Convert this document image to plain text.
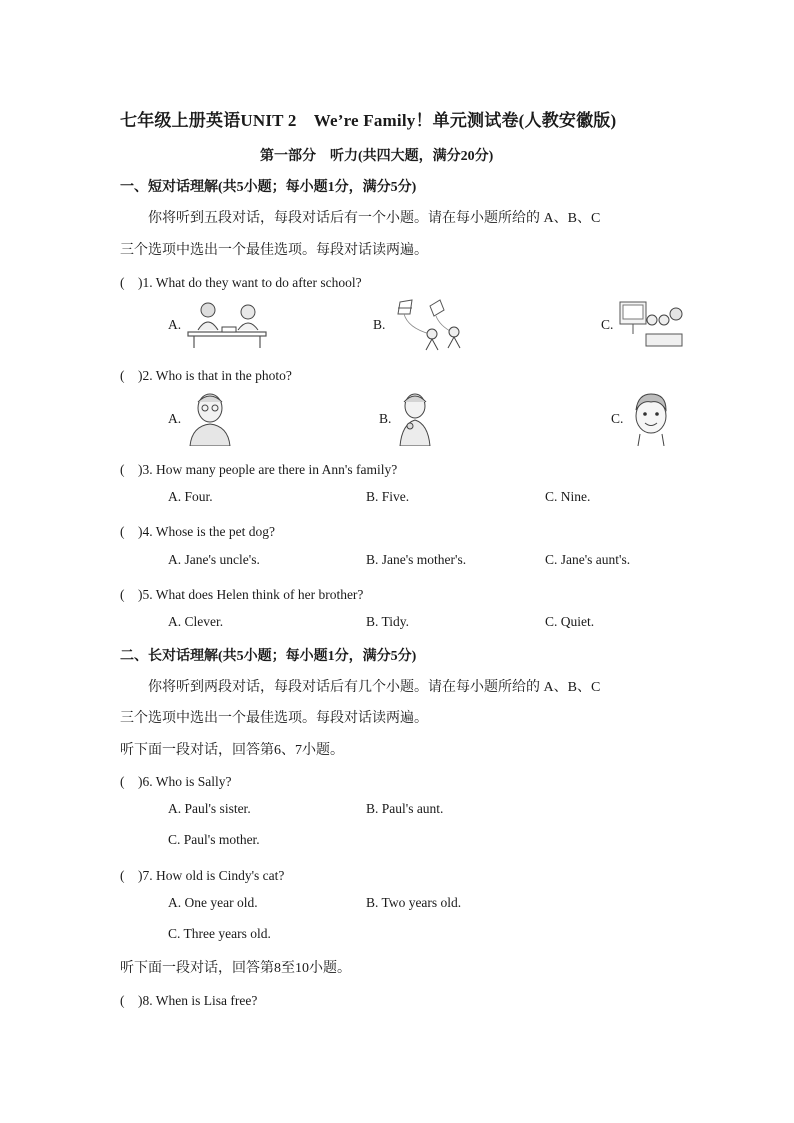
七年级上册英语UNIT 2　We’re Family！单元测试卷(人教安徽版)
第一部分　听力(共四大题，满分20分)
一、短对话理解(共5小题；每小题1分，满分5分)
你将听到五段对话，每段对话后有一个小题。请在每小题所给的 A、B、C
三个选项中选出一个最佳选项。每段对话读两遍。
(　)1. What do they want to do after school?
A.	B.	C.
(　)2. Who is that in the photo?
A.	B.	C.
(　)3. How many people are there in Ann's family?
A. Four.	B. Five.	C. Nine.
(　)4. Whose is the pet dog?
A. Jane's uncle's.	B. Jane's mother's.	C. Jane's aunt's.
(　)5. What does Helen think of her brother?
A. Clever.	B. Tidy.	C. Quiet.
二、长对话理解(共5小题；每小题1分，满分5分)
你将听到两段对话，每段对话后有几个小题。请在每小题所给的 A、B、C
三个选项中选出一个最佳选项。每段对话读两遍。
听下面一段对话，回答第6、7小题。
(　)6. Who is Sally?
A. Paul's sister.	B. Paul's aunt.
C. Paul's mother.
(　)7. How old is Cindy's cat?
A. One year old.	B. Two years old.
C. Three years old.
听下面一段对话，回答第8至10小题。
(　)8. When is Lisa free?
